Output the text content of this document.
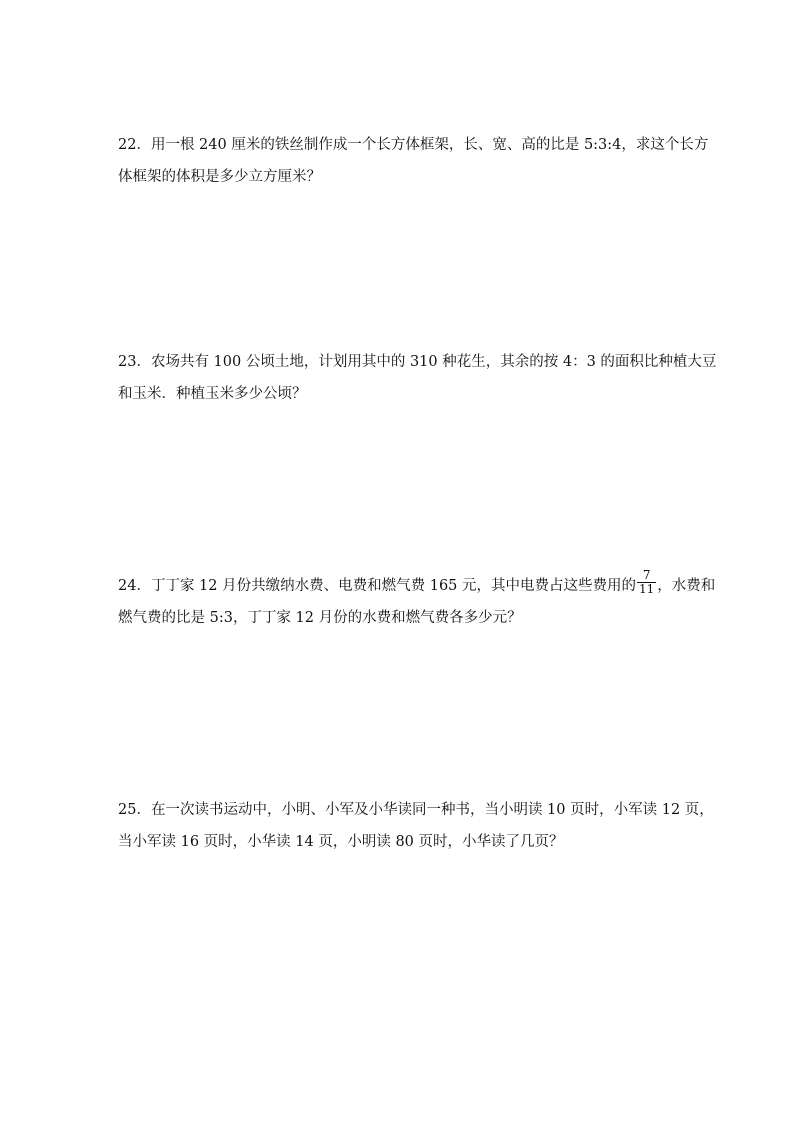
22．用一根 240 厘米的铁丝制作成一个长方体框架，长、宽、高的比是 5:3:4，求这个长方
体框架的体积是多少立方厘米？
23．农场共有 100 公顷土地，计划用其中的 310 种花生，其余的按 4：3 的面积比种植大豆
和玉米．种植玉米多少公顷？
24．丁丁家 12 月份共缴纳水费、电费和燃气费 165 元，其中电费占这些费用的 $\frac{7}{11}$ ，水费和
燃气费的比是 5:3，丁丁家 12 月份的水费和燃气费各多少元？
25．在一次读书运动中，小明、小军及小华读同一种书，当小明读 10 页时，小军读 12 页，
当小军读 16 页时，小华读 14 页，小明读 80 页时，小华读了几页？
